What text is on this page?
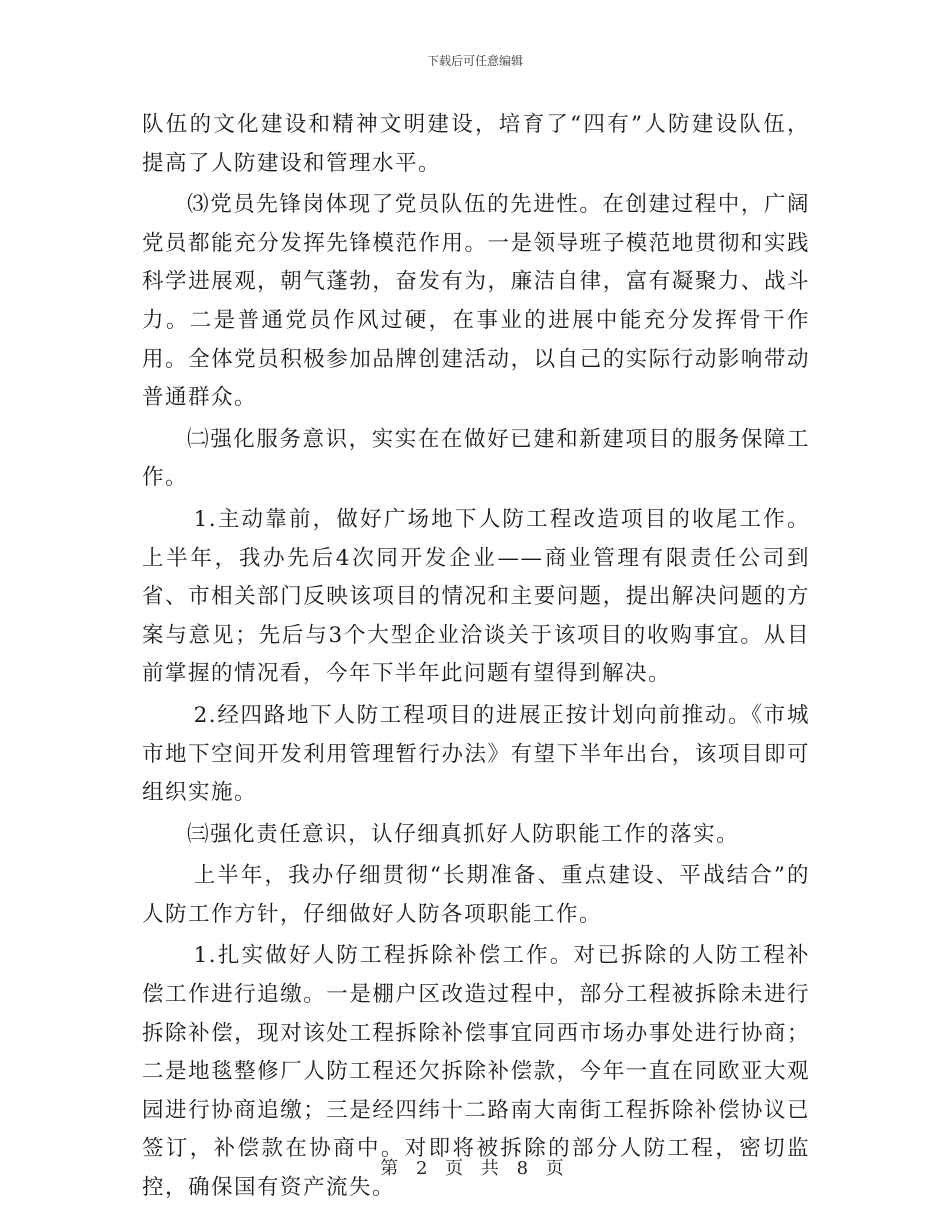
下载后可任意编辑

队伍的文化建设和精神文明建设，培育了“四有”人防建设队伍，提高了人防建设和管理水平。

⑶党员先锋岗体现了党员队伍的先进性。在创建过程中，广阔党员都能充分发挥先锋模范作用。一是领导班子模范地贯彻和实践科学进展观，朝气蓬勃，奋发有为，廉洁自律，富有凝聚力、战斗力。二是普通党员作风过硬，在事业的进展中能充分发挥骨干作用。全体党员积极参加品牌创建活动，以自己的实际行动影响带动普通群众。

㈡强化服务意识，实实在在做好已建和新建项目的服务保障工作。

1.主动靠前，做好广场地下人防工程改造项目的收尾工作。上半年，我办先后4次同开发企业——商业管理有限责任公司到省、市相关部门反映该项目的情况和主要问题，提出解决问题的方案与意见；先后与3个大型企业洽谈关于该项目的收购事宜。从目前掌握的情况看，今年下半年此问题有望得到解决。

2.经四路地下人防工程项目的进展正按计划向前推动。《市城市地下空间开发利用管理暂行办法》有望下半年出台，该项目即可组织实施。

㈢强化责任意识，认仔细真抓好人防职能工作的落实。

上半年，我办仔细贯彻“长期准备、重点建设、平战结合”的人防工作方针，仔细做好人防各项职能工作。

1.扎实做好人防工程拆除补偿工作。对已拆除的人防工程补偿工作进行追缴。一是棚户区改造过程中，部分工程被拆除未进行拆除补偿，现对该处工程拆除补偿事宜同西市场办事处进行协商；二是地毯整修厂人防工程还欠拆除补偿款，今年一直在同欧亚大观园进行协商追缴；三是经四纬十二路南大南街工程拆除补偿协议已签订，补偿款在协商中。对即将被拆除的部分人防工程，密切监控，确保国有资产流失。

第 2 页 共 8 页
